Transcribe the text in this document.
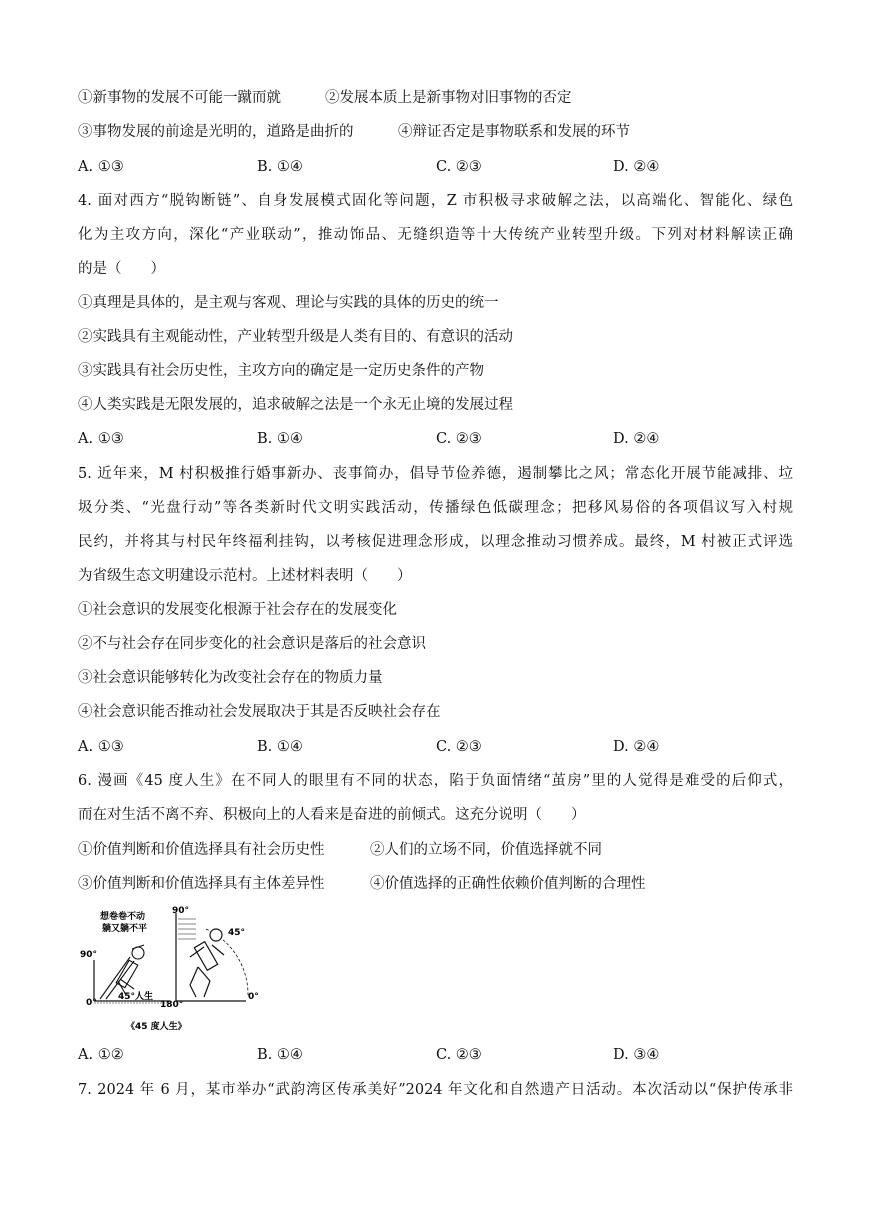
①新事物的发展不可能一蹴而就	②发展本质上是新事物对旧事物的否定
③事物发展的前途是光明的，道路是曲折的	④辩证否定是事物联系和发展的环节
A. ①③	B. ①④	C. ②③	D. ②④
4. 面对西方“脱钩断链”、自身发展模式固化等问题，Z 市积极寻求破解之法，以高端化、智能化、绿色
化为主攻方向，深化“产业联动”，推动饰品、无缝织造等十大传统产业转型升级。下列对材料解读正确
的是（　　）
①真理是具体的，是主观与客观、理论与实践的具体的历史的统一
②实践具有主观能动性，产业转型升级是人类有目的、有意识的活动
③实践具有社会历史性，主攻方向的确定是一定历史条件的产物
④人类实践是无限发展的，追求破解之法是一个永无止境的发展过程
A. ①③	B. ①④	C. ②③	D. ②④
5. 近年来，M 村积极推行婚事新办、丧事简办，倡导节俭养德，遏制攀比之风；常态化开展节能减排、垃
圾分类、“光盘行动”等各类新时代文明实践活动，传播绿色低碳理念；把移风易俗的各项倡议写入村规
民约，并将其与村民年终福利挂钩，以考核促进理念形成，以理念推动习惯养成。最终，M 村被正式评选
为省级生态文明建设示范村。上述材料表明（　　）
①社会意识的发展变化根源于社会存在的发展变化
②不与社会存在同步变化的社会意识是落后的社会意识
③社会意识能够转化为改变社会存在的物质力量
④社会意识能否推动社会发展取决于其是否反映社会存在
A. ①③	B. ①④	C. ②③	D. ②④
6. 漫画《45 度人生》在不同人的眼里有不同的状态，陷于负面情绪“茧房”里的人觉得是难受的后仰式，
而在对生活不离不弃、积极向上的人看来是奋进的前倾式。这充分说明（　　）
①价值判断和价值选择具有社会历史性	②人们的立场不同，价值选择就不同
③价值判断和价值选择具有主体差异性	④价值选择的正确性依赖价值判断的合理性
想卷卷不动
躺又躺不平
90°
0°
45°人生
180°
90°
45°
0°
《45 度人生》
A. ①②	B. ①④	C. ②③	D. ③④
7. 2024 年 6 月，某市举办“武韵湾区传承美好”2024 年文化和自然遗产日活动。本次活动以“保护传承非
